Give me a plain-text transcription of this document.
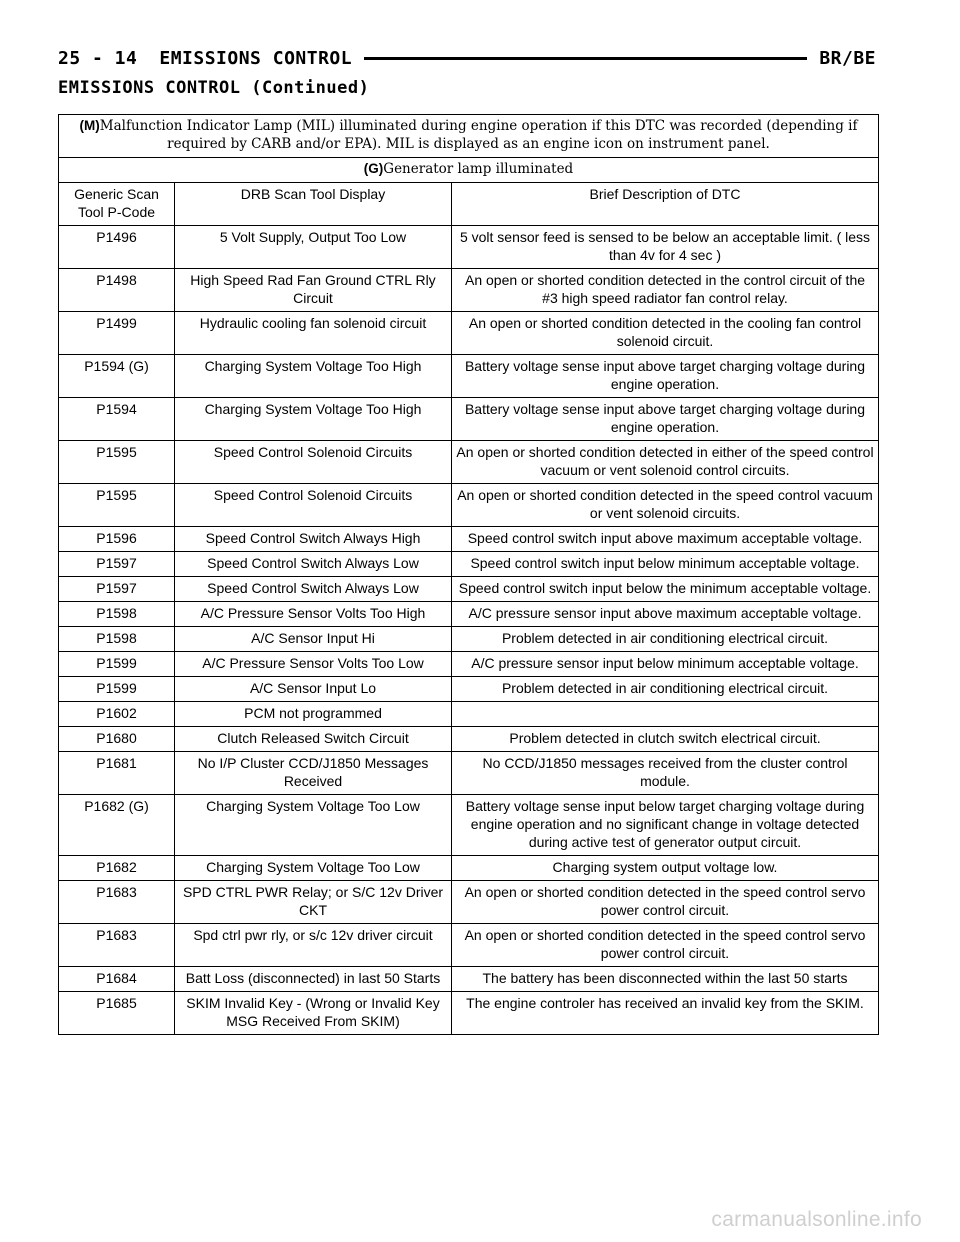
25 - 14 EMISSIONS CONTROL	BR/BE
EMISSIONS CONTROL (Continued)
(M)Malfunction Indicator Lamp (MIL) illuminated during engine operation if this DTC was recorded (depending if required by CARB and/or EPA). MIL is displayed as an engine icon on instrument panel.		
(G)Generator lamp illuminated		
Generic Scan Tool P-Code	DRB Scan Tool Display	Brief Description of DTC
P1496	5 Volt Supply, Output Too Low	5 volt sensor feed is sensed to be below an acceptable limit. ( less than 4v for 4 sec )
P1498	High Speed Rad Fan Ground CTRL Rly Circuit	An open or shorted condition detected in the control circuit of the #3 high speed radiator fan control relay.
P1499	Hydraulic cooling fan solenoid circuit	An open or shorted condition detected in the cooling fan control solenoid circuit.
P1594 (G)	Charging System Voltage Too High	Battery voltage sense input above target charging voltage during engine operation.
P1594	Charging System Voltage Too High	Battery voltage sense input above target charging voltage during engine operation.
P1595	Speed Control Solenoid Circuits	An open or shorted condition detected in either of the speed control vacuum or vent solenoid control circuits.
P1595	Speed Control Solenoid Circuits	An open or shorted condition detected in the speed control vacuum or vent solenoid circuits.
P1596	Speed Control Switch Always High	Speed control switch input above maximum acceptable voltage.
P1597	Speed Control Switch Always Low	Speed control switch input below minimum acceptable voltage.
P1597	Speed Control Switch Always Low	Speed control switch input below the minimum acceptable voltage.
P1598	A/C Pressure Sensor Volts Too High	A/C pressure sensor input above maximum acceptable voltage.
P1598	A/C Sensor Input Hi	Problem detected in air conditioning electrical circuit.
P1599	A/C Pressure Sensor Volts Too Low	A/C pressure sensor input below minimum acceptable voltage.
P1599	A/C Sensor Input Lo	Problem detected in air conditioning electrical circuit.
P1602	PCM not programmed	
P1680	Clutch Released Switch Circuit	Problem detected in clutch switch electrical circuit.
P1681	No I/P Cluster CCD/J1850 Messages Received	No CCD/J1850 messages received from the cluster control module.
P1682 (G)	Charging System Voltage Too Low	Battery voltage sense input below target charging voltage during engine operation and no significant change in voltage detected during active test of generator output circuit.
P1682	Charging System Voltage Too Low	Charging system output voltage low.
P1683	SPD CTRL PWR Relay; or S/C 12v Driver CKT	An open or shorted condition detected in the speed control servo power control circuit.
P1683	Spd ctrl pwr rly, or s/c 12v driver circuit	An open or shorted condition detected in the speed control servo power control circuit.
P1684	Batt Loss (disconnected) in last 50 Starts	The battery has been disconnected within the last 50 starts
P1685	SKIM Invalid Key - (Wrong or Invalid Key MSG Received From SKIM)	The engine controler has received an invalid key from the SKIM.
carmanualsonline.info
